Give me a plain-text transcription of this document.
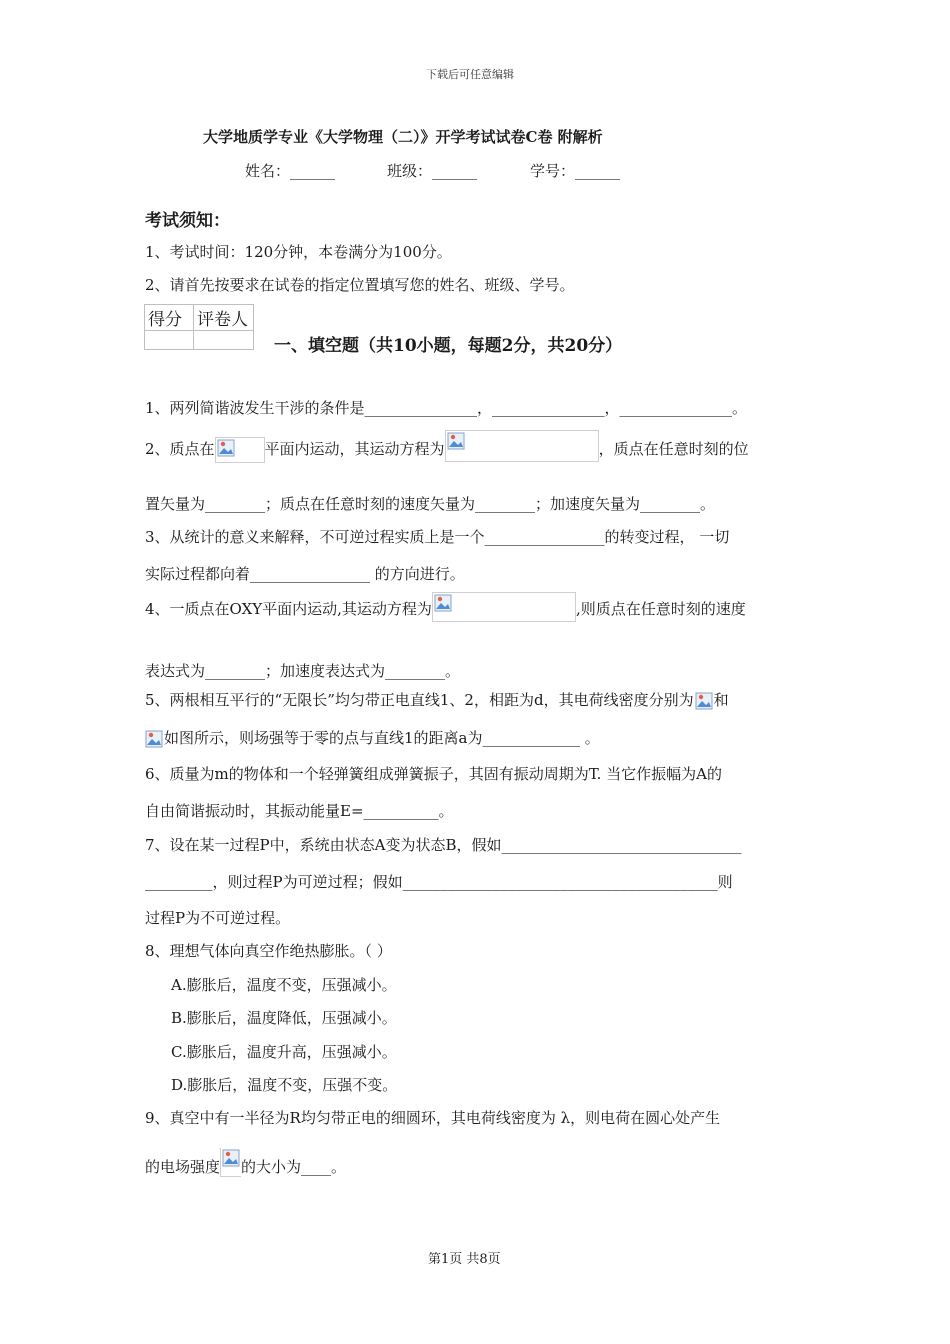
下载后可任意编辑
大学地质学专业《大学物理（二）》开学考试试卷C卷 附解析
姓名：______	班级：______	学号：______
考试须知：
1、考试时间：120分钟，本卷满分为100分。
2、请首先按要求在试卷的指定位置填写您的姓名、班级、学号。
得分	评卷人

一、填空题（共10小题，每题2分，共20分）
1、两列简谐波发生干涉的条件是_______________，_______________，_______________。
2、质点在	平面内运动，其运动方程为	，质点在任意时刻的位
置矢量为________；质点在任意时刻的速度矢量为________；加速度矢量为________。
3、从统计的意义来解释，不可逆过程实质上是一个________________的转变过程， 一切
实际过程都向着________________ 的方向进行。
4、一质点在OXY平面内运动,其运动方程为	,则质点在任意时刻的速度
表达式为________；加速度表达式为________。
5、两根相互平行的“无限长”均匀带正电直线1、2，相距为d，其电荷线密度分别为 和
如图所示，则场强等于零的点与直线1的距离a为_____________ 。
6、质量为m的物体和一个轻弹簧组成弹簧振子，其固有振动周期为T. 当它作振幅为A的
自由简谐振动时，其振动能量E=__________。
7、设在某一过程P中，系统由状态A变为状态B，假如________________________________
_________，则过程P为可逆过程；假如__________________________________________则
过程P为不可逆过程。
8、理想气体向真空作绝热膨胀。（ ）
A.膨胀后，温度不变，压强减小。
B.膨胀后，温度降低，压强减小。
C.膨胀后，温度升高，压强减小。
D.膨胀后，温度不变，压强不变。
9、真空中有一半径为R均匀带正电的细圆环，其电荷线密度为 λ，则电荷在圆心处产生
的电场强度 的大小为____。
第1页 共8页
